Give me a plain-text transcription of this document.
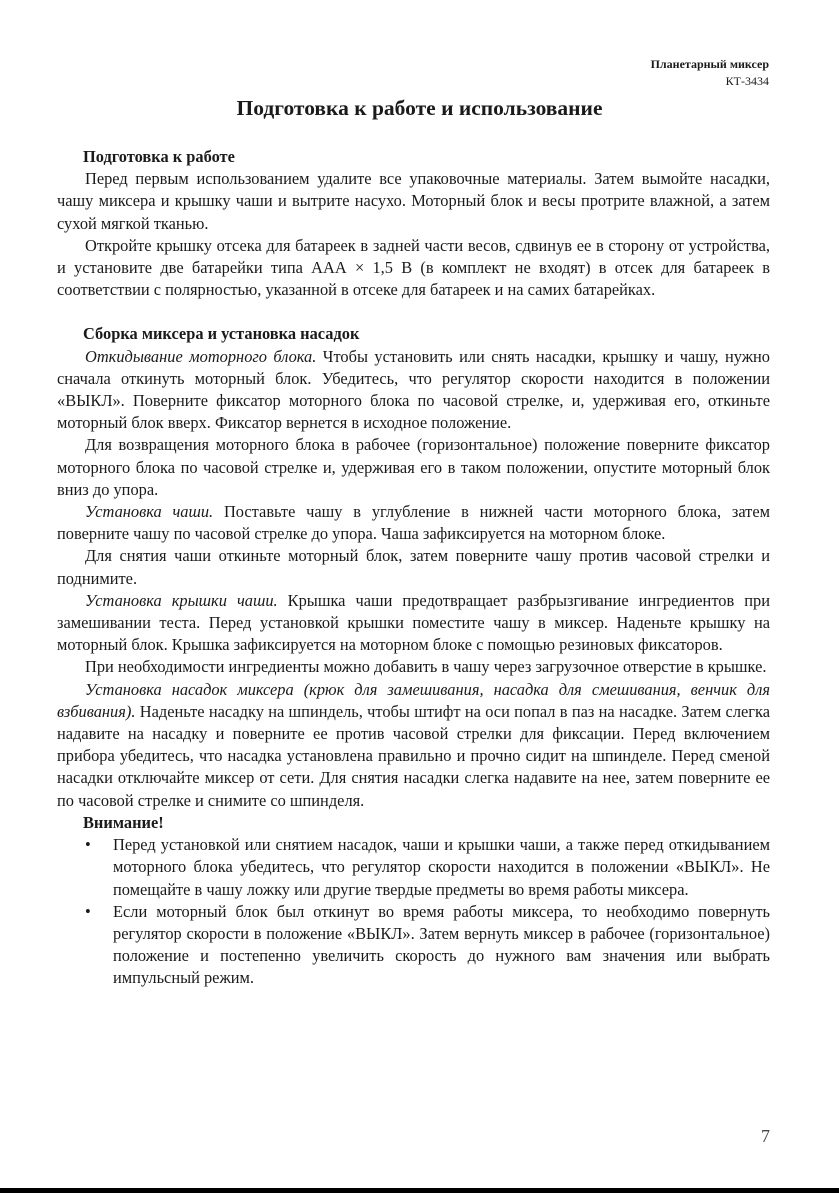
Планетарный миксер
КТ-3434
Подготовка к работе и использование
Подготовка к работе

Перед первым использованием удалите все упаковочные материалы. Затем вымойте насадки, чашу миксера и крышку чаши и вытрите насухо. Моторный блок и весы протрите влажной, а затем сухой мягкой тканью.

Откройте крышку отсека для батареек в задней части весов, сдвинув ее в сторону от устройства, и установите две батарейки типа ААА × 1,5 В (в комплект не входят) в отсек для батареек в соответствии с полярностью, указанной в отсеке для батареек и на самих батарейках.

Сборка миксера и установка насадок

Откидывание моторного блока. Чтобы установить или снять насадки, крышку и чашу, нужно сначала откинуть моторный блок. Убедитесь, что регулятор скорости находится в положении «ВЫКЛ». Поверните фиксатор моторного блока по часовой стрелке, и, удерживая его, откиньте моторный блок вверх. Фиксатор вернется в исходное положение.

Для возвращения моторного блока в рабочее (горизонтальное) положение поверните фиксатор моторного блока по часовой стрелке и, удерживая его в таком положении, опустите моторный блок вниз до упора.

Установка чаши. Поставьте чашу в углубление в нижней части моторного блока, затем поверните чашу по часовой стрелке до упора. Чаша зафиксируется на моторном блоке.

Для снятия чаши откиньте моторный блок, затем поверните чашу против часовой стрелки и поднимите.

Установка крышки чаши. Крышка чаши предотвращает разбрызгивание ингредиентов при замешивании теста. Перед установкой крышки поместите чашу в миксер. Наденьте крышку на моторный блок. Крышка зафиксируется на моторном блоке с помощью резиновых фиксаторов.

При необходимости ингредиенты можно добавить в чашу через загрузочное отверстие в крышке.

Установка насадок миксера (крюк для замешивания, насадка для смешивания, венчик для взбивания). Наденьте насадку на шпиндель, чтобы штифт на оси попал в паз на насадке. Затем слегка надавите на насадку и поверните ее против часовой стрелки для фиксации. Перед включением прибора убедитесь, что насадка установлена правильно и прочно сидит на шпинделе. Перед сменой насадки отключайте миксер от сети. Для снятия насадки слегка надавите на нее, затем поверните ее по часовой стрелке и снимите со шпинделя.

Внимание!
•	Перед установкой или снятием насадок, чаши и крышки чаши, а также перед откидыванием моторного блока убедитесь, что регулятор скорости находится в положении «ВЫКЛ». Не помещайте в чашу ложку или другие твердые предметы во время работы миксера.
•	Если моторный блок был откинут во время работы миксера, то необходимо повернуть регулятор скорости в положение «ВЫКЛ». Затем вернуть миксер в рабочее (горизонтальное) положение и постепенно увеличить скорость до нужного вам значения или выбрать импульсный режим.
7
